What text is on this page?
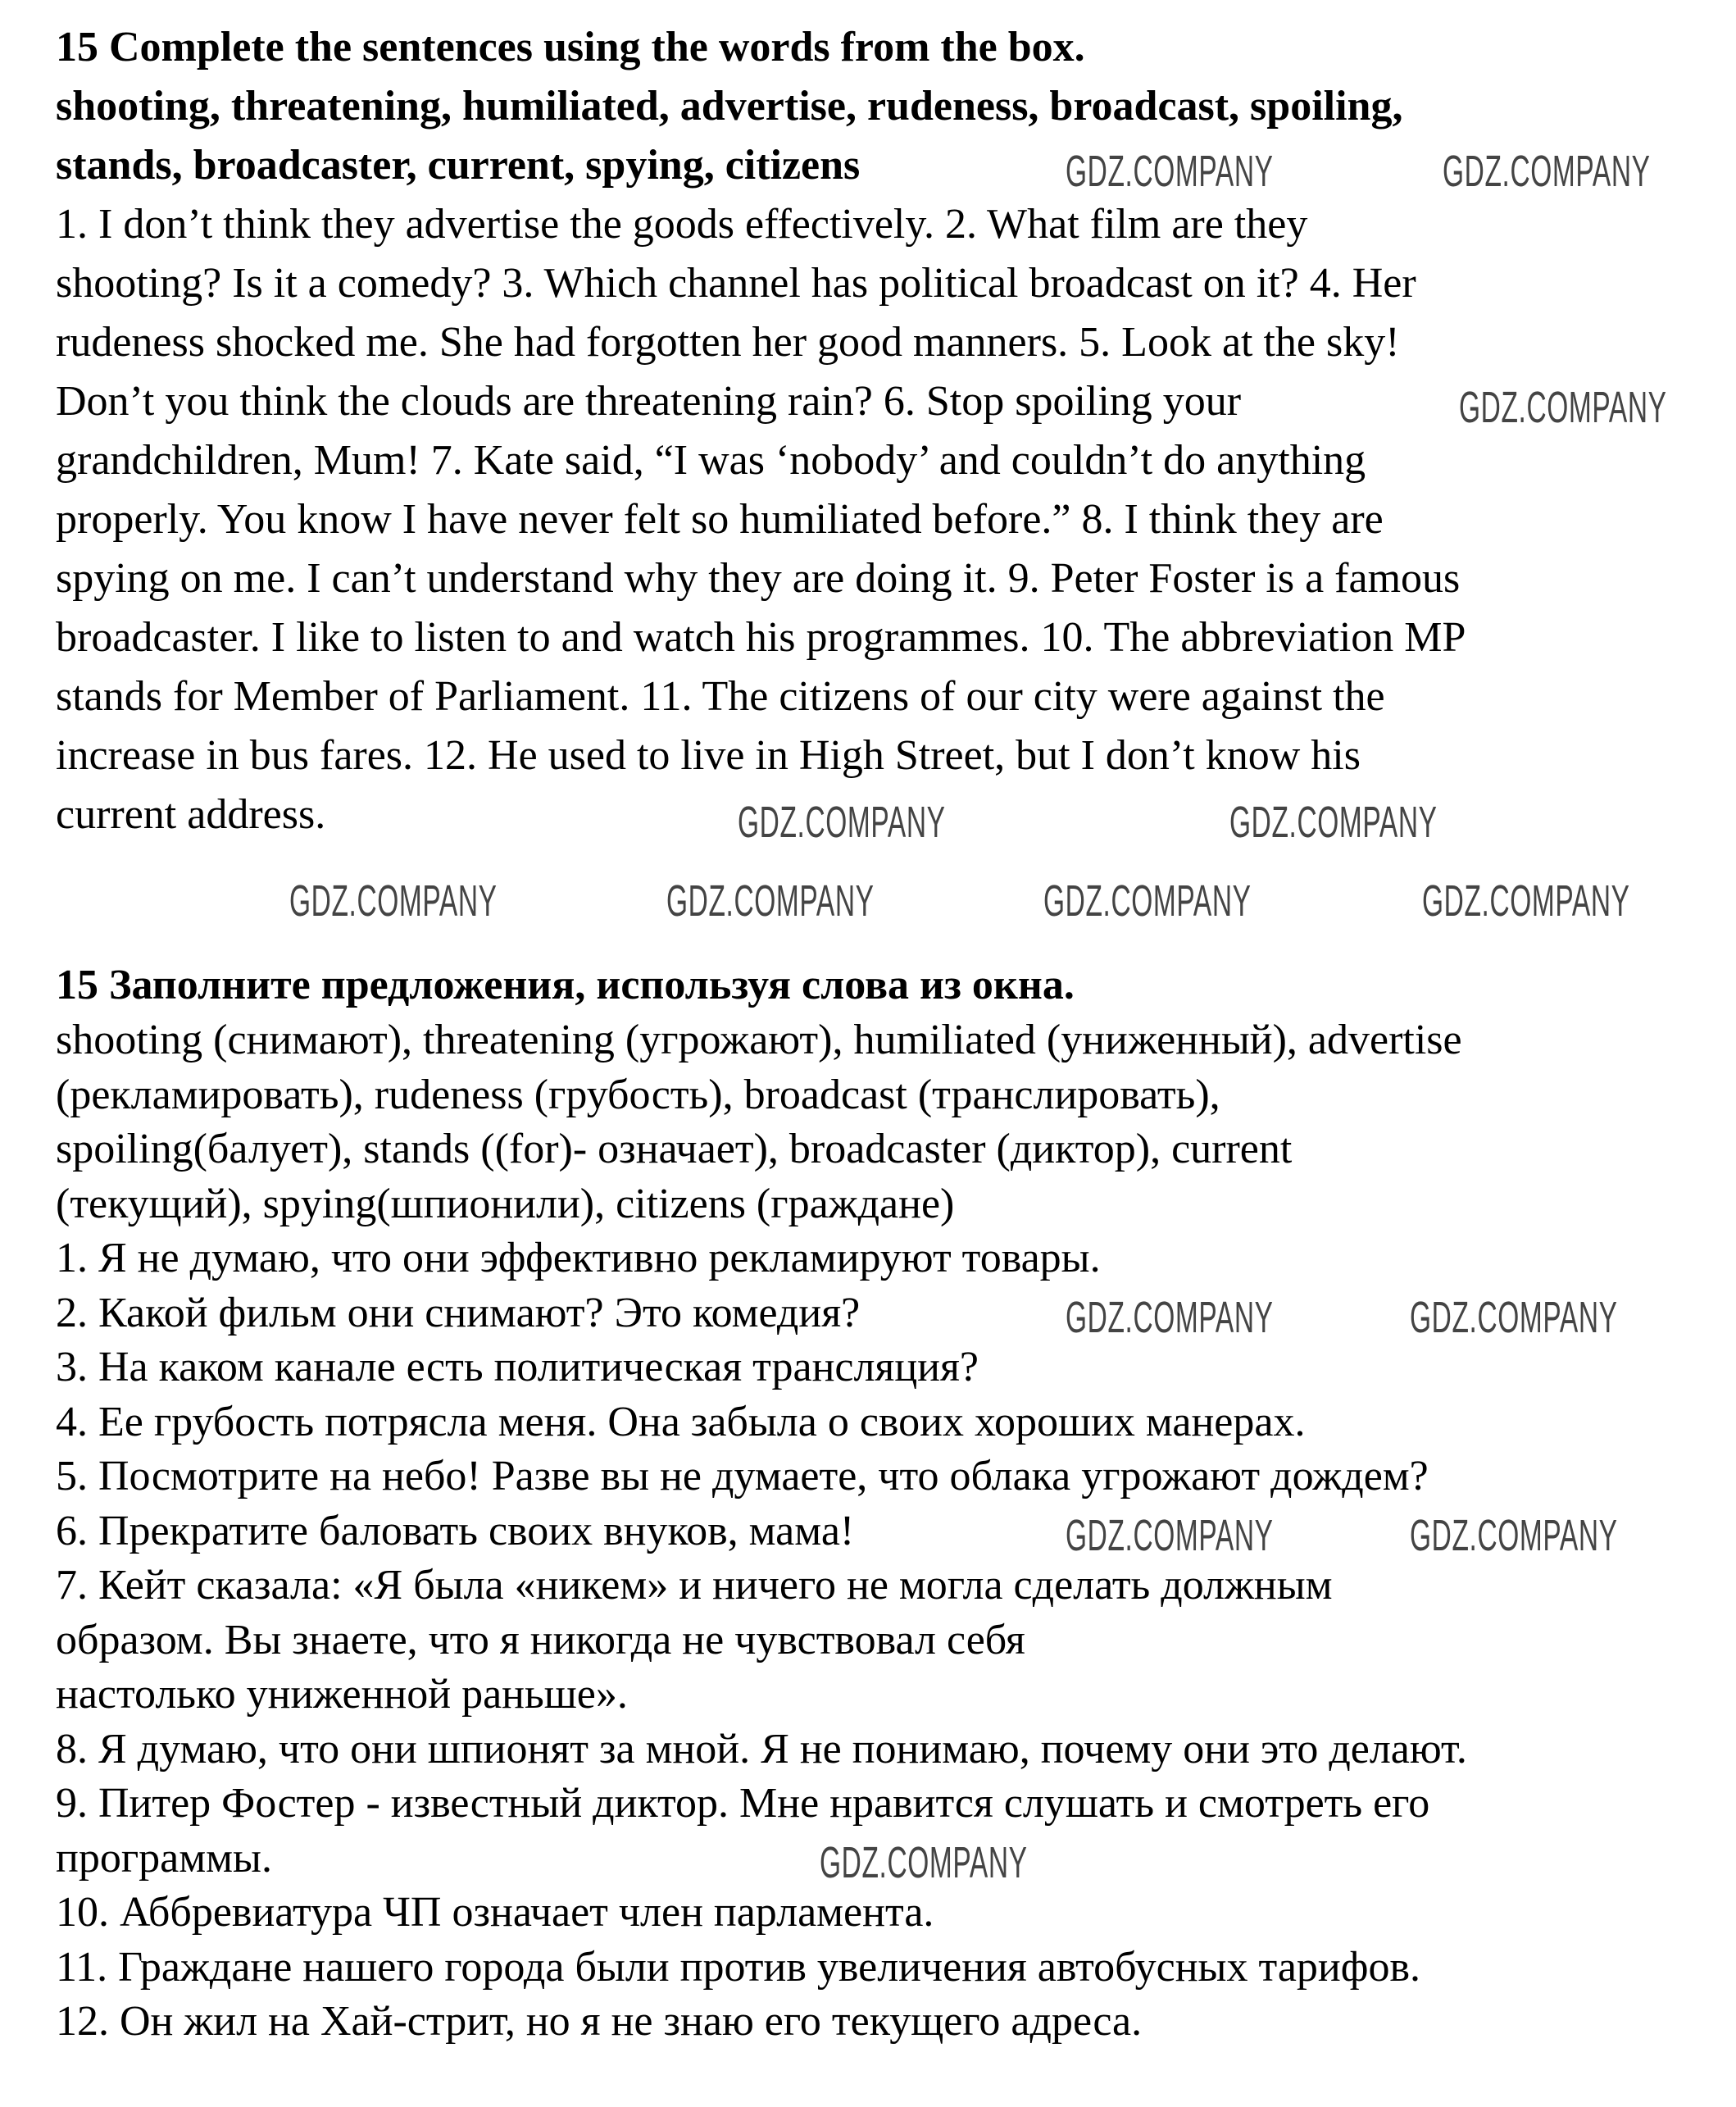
15 Complete the sentences using the words from the box.
shooting, threatening, humiliated, advertise, rudeness, broadcast, spoiling,
stands, broadcaster, current, spying, citizens
1. I don’t think they advertise the goods effectively. 2. What film are they
shooting? Is it a comedy? 3. Which channel has political broadcast on it? 4. Her
rudeness shocked me. She had forgotten her good manners. 5. Look at the sky!
Don’t you think the clouds are threatening rain? 6. Stop spoiling your
grandchildren, Mum! 7. Kate said, “I was ‘nobody’ and couldn’t do anything
properly. You know I have never felt so humiliated before.” 8. I think they are
spying on me. I can’t understand why they are doing it. 9. Peter Foster is a famous
broadcaster. I like to listen to and watch his programmes. 10. The abbreviation MP
stands for Member of Parliament. 11. The citizens of our city were against the
increase in bus fares. 12. He used to live in High Street, but I don’t know his
current address.
15 Заполните предложения, используя слова из окна.
shooting (снимают), threatening (угрожают), humiliated (униженный), advertise
(рекламировать), rudeness (грубость), broadcast (транслировать),
spoiling(балует), stands ((for)- означает), broadcaster (диктор), current
(текущий), spying(шпионили), citizens (граждане)
1. Я не думаю, что они эффективно рекламируют товары.
2. Какой фильм они снимают? Это комедия?
3. На каком канале есть политическая трансляция?
4. Ее грубость потрясла меня. Она забыла о своих хороших манерах.
5. Посмотрите на небо! Разве вы не думаете, что облака угрожают дождем?
6. Прекратите баловать своих внуков, мама!
7. Кейт сказала: «Я была «никем» и ничего не могла сделать должным
образом. Вы знаете, что я никогда не чувствовал себя
настолько униженной раньше».
8. Я думаю, что они шпионят за мной. Я не понимаю, почему они это делают.
9. Питер Фостер - известный диктор. Мне нравится слушать и смотреть его
программы.
10. Аббревиатура ЧП означает член парламента.
11. Граждане нашего города были против увеличения автобусных тарифов.
12. Он жил на Хай-стрит, но я не знаю его текущего адреса.
GDZ.COMPANY	GDZ.COMPANY
GDZ.COMPANY
GDZ.COMPANY	GDZ.COMPANY
GDZ.COMPANY	GDZ.COMPANY	GDZ.COMPANY	GDZ.COMPANY
GDZ.COMPANY	GDZ.COMPANY
GDZ.COMPANY	GDZ.COMPANY
GDZ.COMPANY
